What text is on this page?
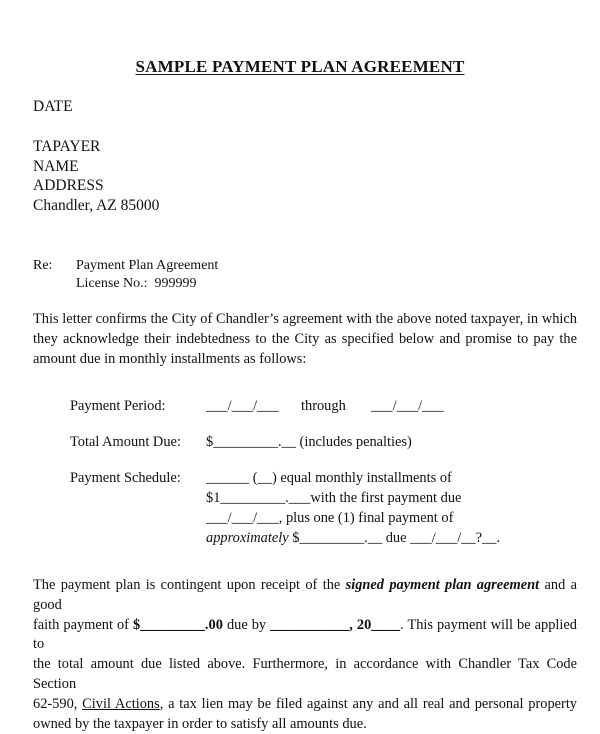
SAMPLE PAYMENT PLAN AGREEMENT
DATE
TAPAYER
NAME
ADDRESS
Chandler, AZ 85000
Re: Payment Plan Agreement
License No.: 999999
This letter confirms the City of Chandler’s agreement with the above noted taxpayer, in which
they acknowledge their indebtedness to the City as specified below and promise to pay the
amount due in monthly installments as follows:
Payment Period:	___/___/___ through ___/___/___
Total Amount Due: $_________.__ (includes penalties)
Payment Schedule: ______ (__) equal monthly installments of
$1_________.___with the first payment due
___/___/___, plus one (1) final payment of
approximately $_________.__ due ___/___/__?__.
The payment plan is contingent upon receipt of the signed payment plan agreement and a good
faith payment of $_________.00 due by ___________, 20____. This payment will be applied to
the total amount due listed above. Furthermore, in accordance with Chandler Tax Code Section
62-590, Civil Actions, a tax lien may be filed against any and all real and personal property
owned by the taxpayer in order to satisfy all amounts due.
